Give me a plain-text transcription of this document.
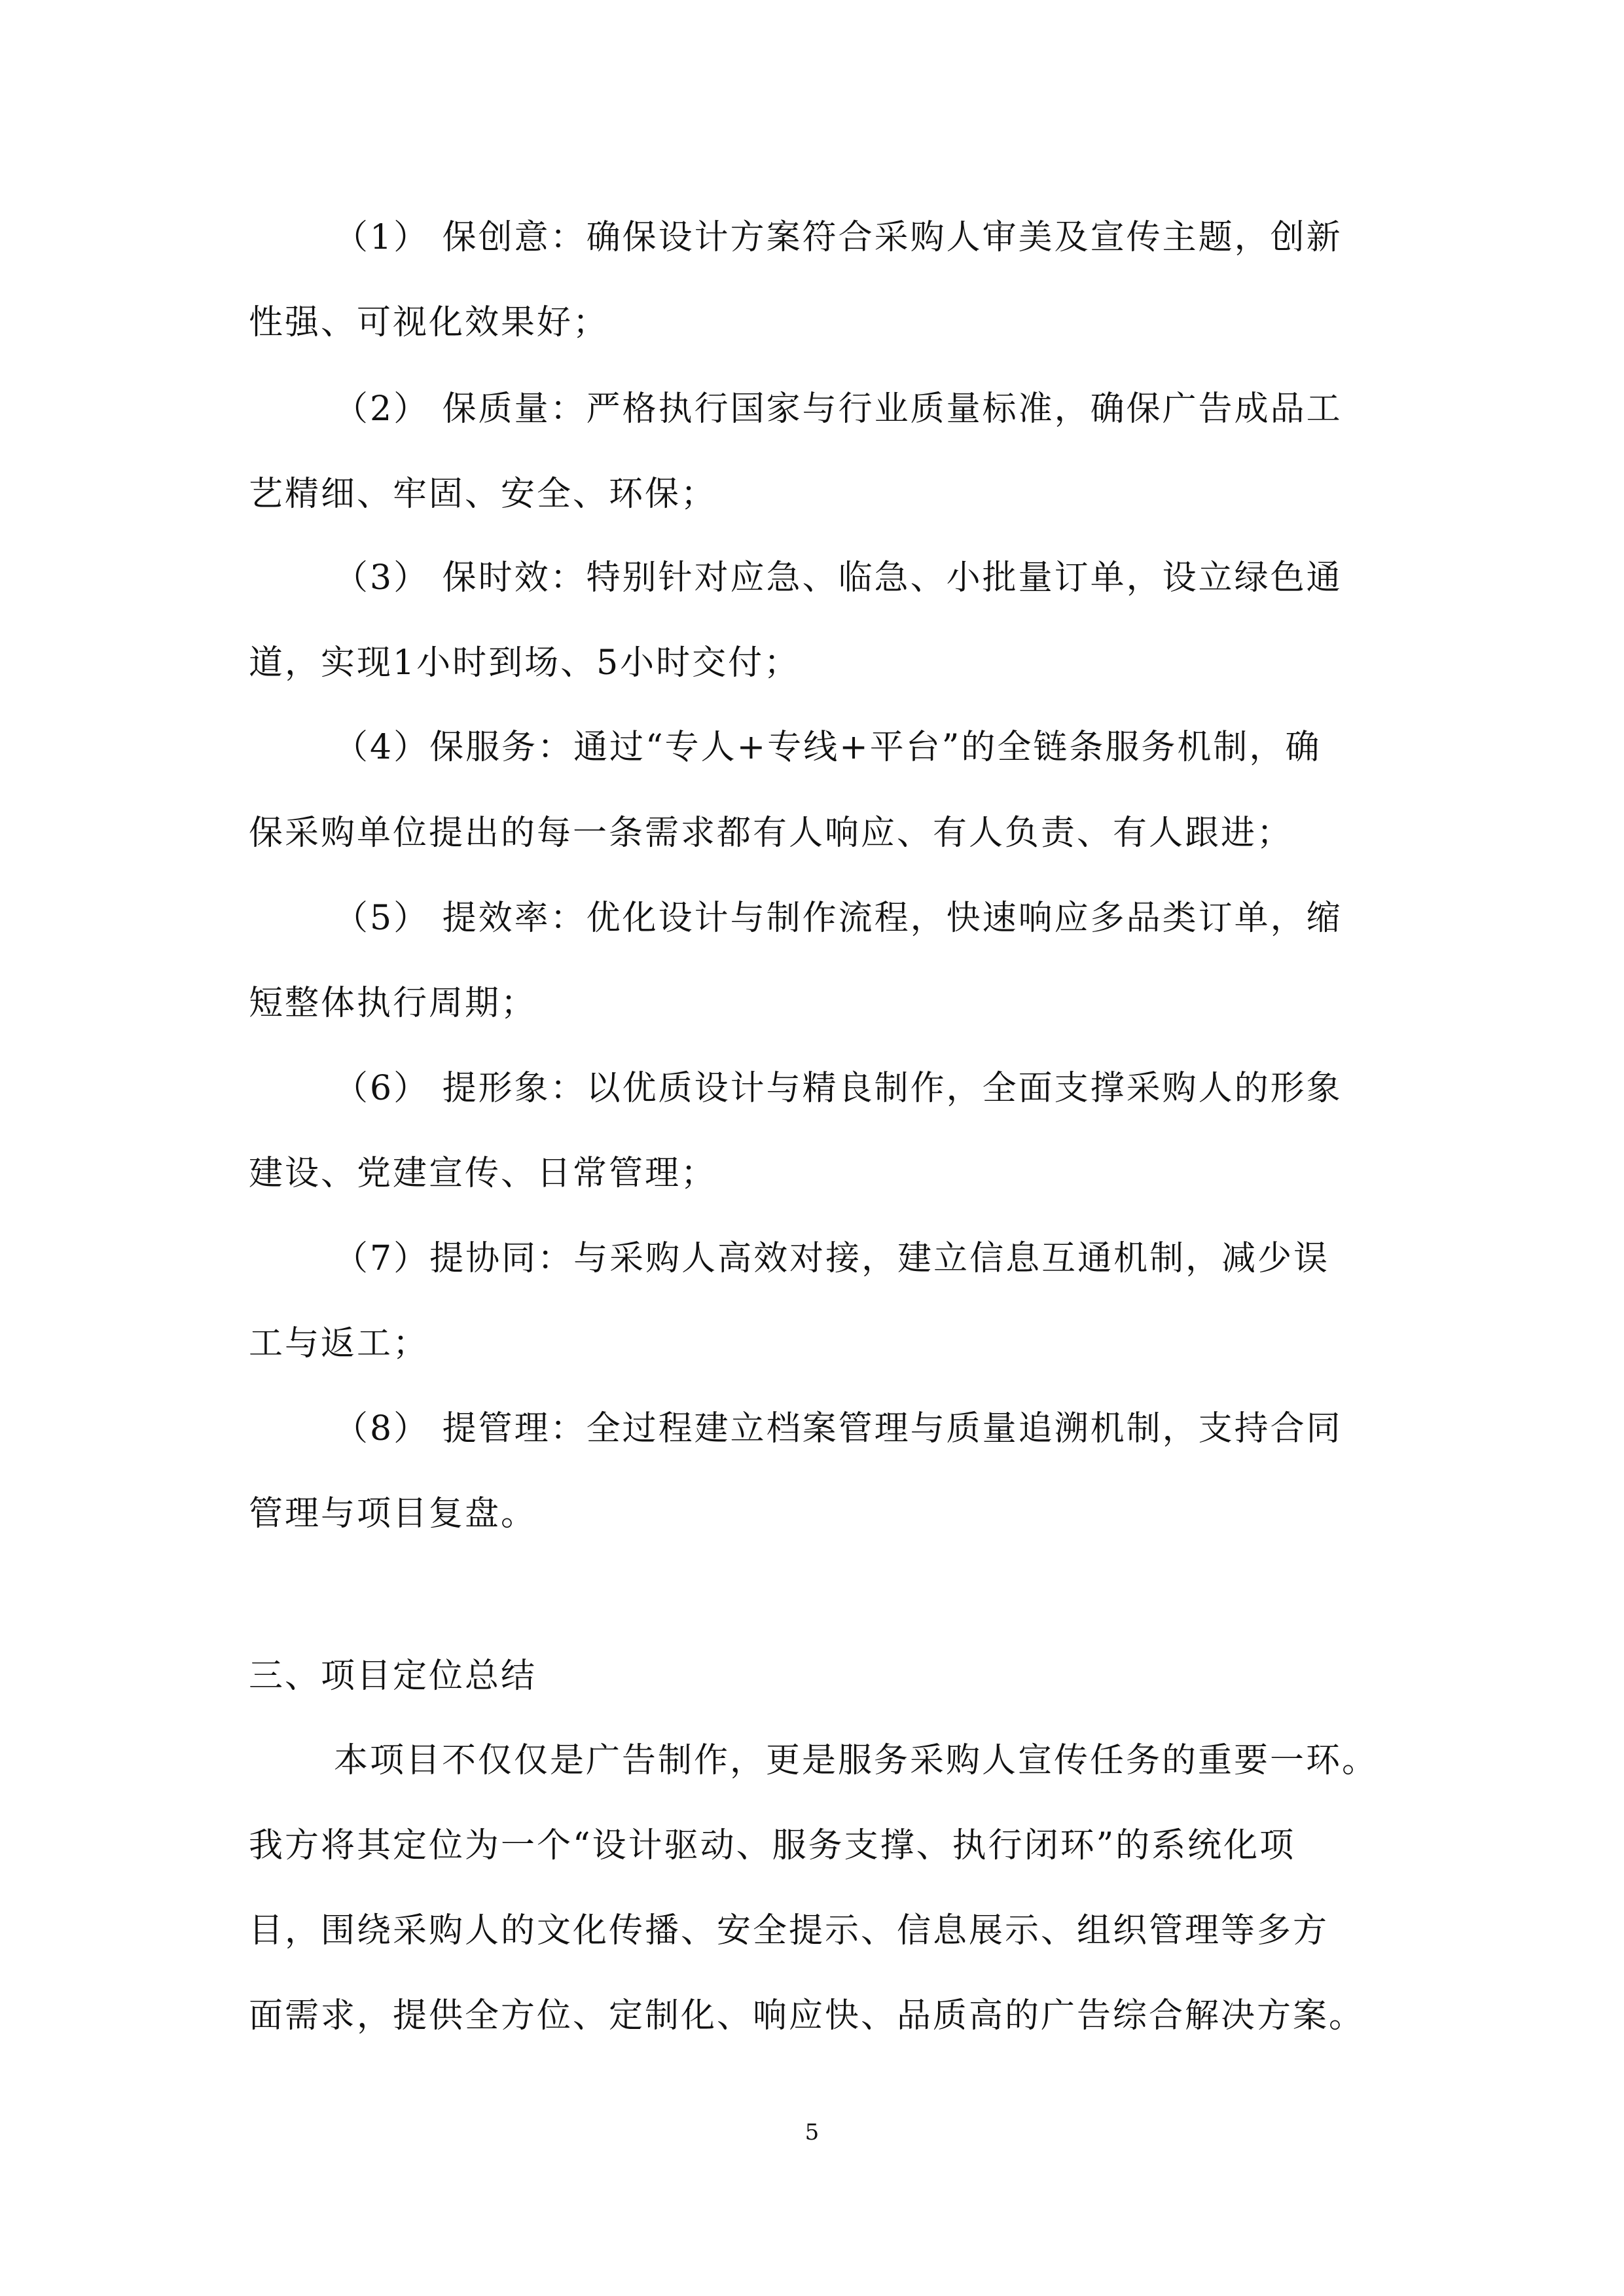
（1） 保创意：确保设计方案符合采购人审美及宣传主题，创新
性强、可视化效果好；
（2） 保质量：严格执行国家与行业质量标准，确保广告成品工
艺精细、牢固、安全、环保；
（3） 保时效：特别针对应急、临急、小批量订单，设立绿色通
道，实现1小时到场、5小时交付；
（4）保服务：通过“专人+专线+平台”的全链条服务机制，确
保采购单位提出的每一条需求都有人响应、有人负责、有人跟进；
（5） 提效率：优化设计与制作流程，快速响应多品类订单，缩
短整体执行周期；
（6） 提形象：以优质设计与精良制作，全面支撑采购人的形象
建设、党建宣传、日常管理；
（7）提协同：与采购人高效对接，建立信息互通机制，减少误
工与返工；
（8） 提管理：全过程建立档案管理与质量追溯机制，支持合同
管理与项目复盘。
三、项目定位总结
本项目不仅仅是广告制作，更是服务采购人宣传任务的重要一环。
我方将其定位为一个“设计驱动、服务支撑、执行闭环”的系统化项
目，围绕采购人的文化传播、安全提示、信息展示、组织管理等多方
面需求，提供全方位、定制化、响应快、品质高的广告综合解决方案。
5
